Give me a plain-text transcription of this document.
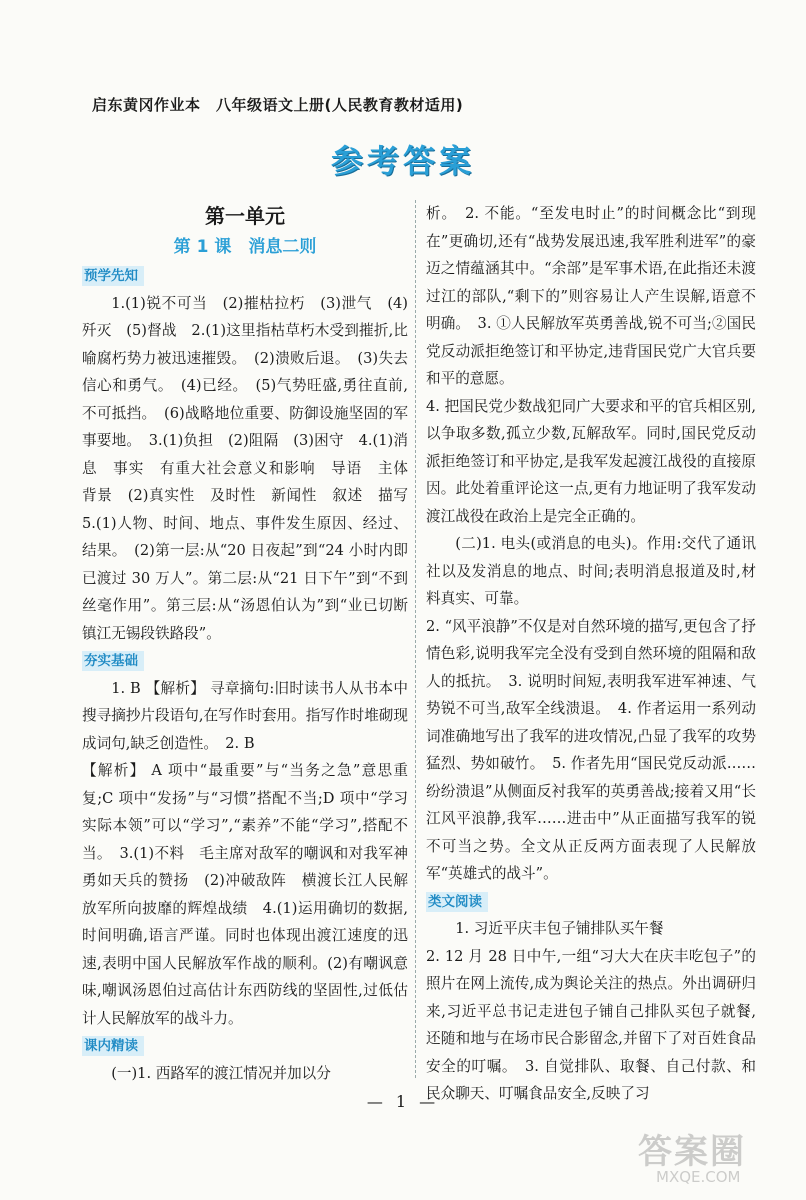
启东黄冈作业本　八年级语文上册(人民教育教材适用)
参考答案
第一单元
第 1 课　消息二则
预学先知

1.(1)锐不可当　(2)摧枯拉朽　(3)泄气　(4)歼灭　(5)督战　2.(1)这里指枯草朽木受到摧折,比喻腐朽势力被迅速摧毁。　(2)溃败后退。　(3)失去信心和勇气。　(4)已经。　(5)气势旺盛,勇往直前,不可抵挡。　(6)战略地位重要、防御设施坚固的军事要地。　3.(1)负担　(2)阻隔　(3)困守　4.(1)消息　事实　有重大社会意义和影响　导语　主体　背景　(2)真实性　及时性　新闻性　叙述　描写　5.(1)人物、时间、地点、事件发生原因、经过、结果。　(2)第一层:从“20 日夜起”到“24 小时内即已渡过 30 万人”。第二层:从“21 日下午”到“不到丝毫作用”。第三层:从“汤恩伯认为”到“业已切断镇江无锡段铁路段”。

夯实基础

1. B 【解析】 寻章摘句:旧时读书人从书本中搜寻摘抄片段语句,在写作时套用。指写作时堆砌现成词句,缺乏创造性。　2. B

【解析】 A 项中“最重要”与“当务之急”意思重复;C 项中“发扬”与“习惯”搭配不当;D 项中“学习实际本领”可以“学习”,“素养”不能“学习”,搭配不当。　3.(1)不料　毛主席对敌军的嘲讽和对我军神勇如天兵的赞扬　(2)冲破敌阵　横渡长江人民解放军所向披靡的辉煌战绩　4.(1)运用确切的数据,时间明确,语言严谨。同时也体现出渡江速度的迅速,表明中国人民解放军作战的顺利。(2)有嘲讽意味,嘲讽汤恩伯过高估计东西防线的坚固性,过低估计人民解放军的战斗力。

课内精读

(一)1. 西路军的渡江情况并加以分

析。　2. 不能。“至发电时止”的时间概念比“到现在”更确切,还有“战势发展迅速,我军胜利进军”的豪迈之情蕴涵其中。“余部”是军事术语,在此指还未渡过江的部队,“剩下的”则容易让人产生误解,语意不明确。　3. ①人民解放军英勇善战,锐不可当;②国民党反动派拒绝签订和平协定,违背国民党广大官兵要和平的意愿。

4. 把国民党少数战犯同广大要求和平的官兵相区别,以争取多数,孤立少数,瓦解敌军。同时,国民党反动派拒绝签订和平协定,是我军发起渡江战役的直接原因。此处着重评论这一点,更有力地证明了我军发动渡江战役在政治上是完全正确的。

(二)1. 电头(或消息的电头)。作用:交代了通讯社以及发消息的地点、时间;表明消息报道及时,材料真实、可靠。

2. “风平浪静”不仅是对自然环境的描写,更包含了抒情色彩,说明我军完全没有受到自然环境的阻隔和敌人的抵抗。　3. 说明时间短,表明我军进军神速、气势锐不可当,敌军全线溃退。　4. 作者运用一系列动词准确地写出了我军的进攻情况,凸显了我军的攻势猛烈、势如破竹。　5. 作者先用“国民党反动派……纷纷溃退”从侧面反衬我军的英勇善战;接着又用“长江风平浪静,我军……进击中”从正面描写我军的锐不可当之势。全文从正反两方面表现了人民解放军“英雄式的战斗”。

类文阅读

1. 习近平庆丰包子铺排队买午餐

2. 12 月 28 日中午,一组“习大大在庆丰吃包子”的照片在网上流传,成为舆论关注的热点。外出调研归来,习近平总书记走进包子铺自己排队买包子就餐,还随和地与在场市民合影留念,并留下了对百姓食品安全的叮嘱。　3. 自觉排队、取餐、自己付款、和民众聊天、叮嘱食品安全,反映了习

— 1 —
答案圈
MXQE.COM
